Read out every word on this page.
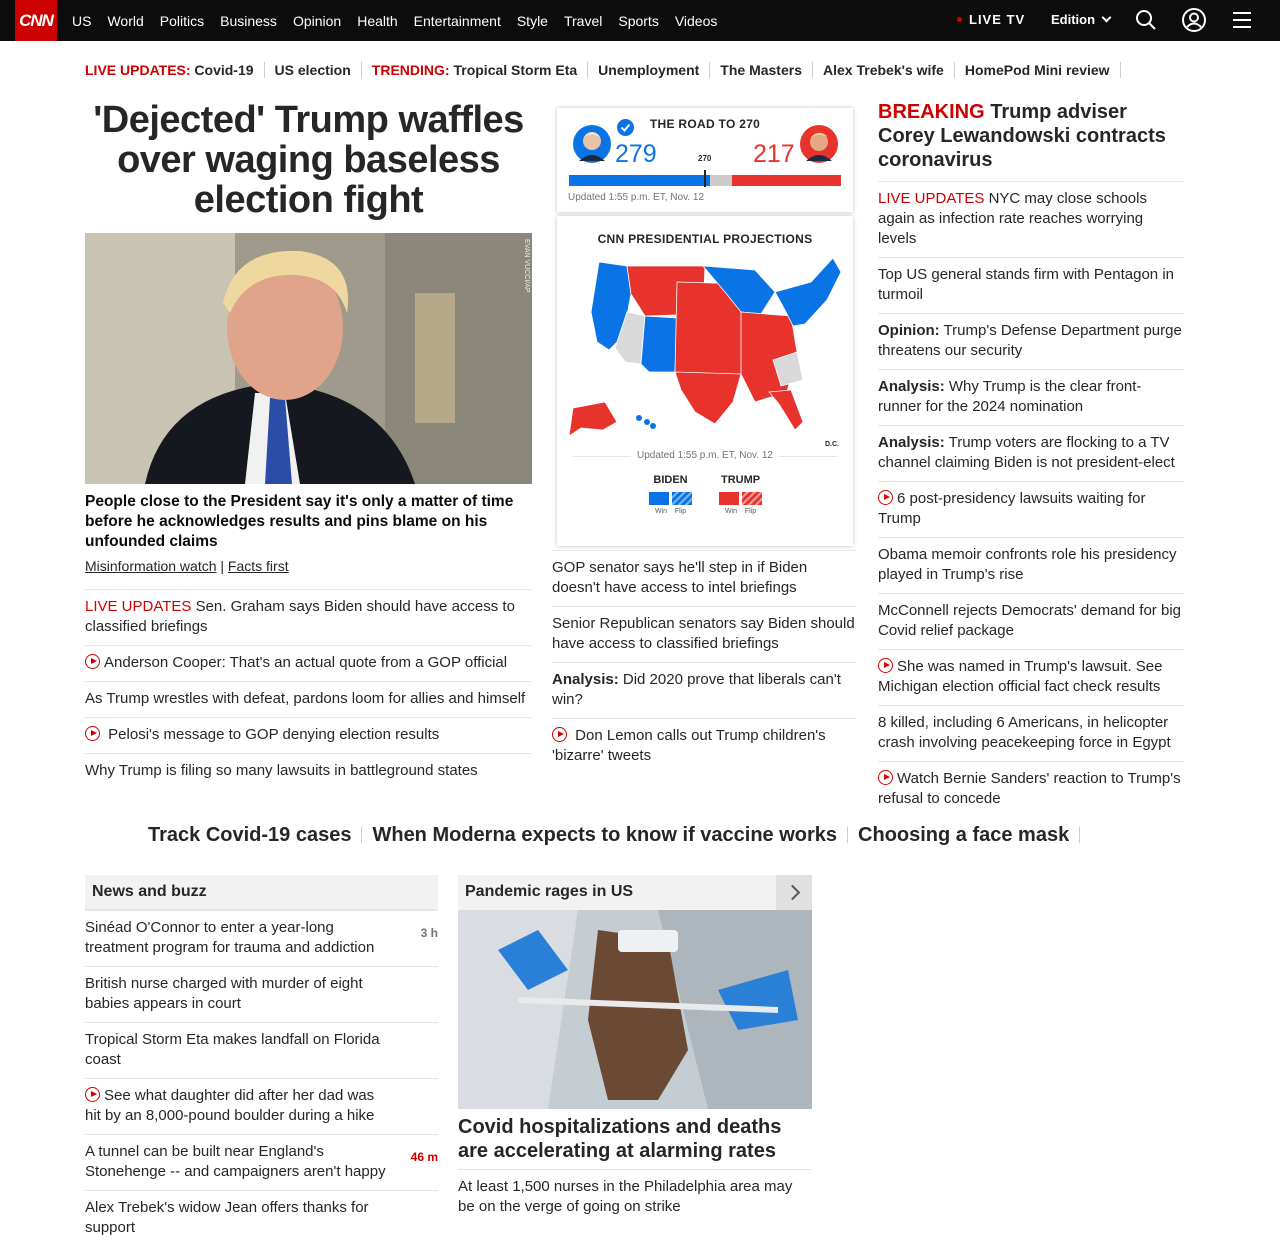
CNN US World Politics Business Opinion Health Entertainment Style Travel Sports Videos	LIVE TV Edition
LIVE UPDATES: Covid-19	US election	TRENDING: Tropical Storm Eta	Unemployment	The Masters	Alex Trebek's wife	HomePod Mini review
'Dejected' Trump waffles over waging baseless election fight
EVAN VUCCI/AP
People close to the President say it's only a matter of time before he acknowledges results and pins blame on his unfounded claims
Misinformation watch | Facts first
LIVE UPDATES Sen. Graham says Biden should have access to classified briefings
Anderson Cooper: That's an actual quote from a GOP official
As Trump wrestles with defeat, pardons loom for allies and himself
Pelosi's message to GOP denying election results
Why Trump is filing so many lawsuits in battleground states
THE ROAD TO 270
279	270 217
Updated 1:55 p.m. ET, Nov. 12
CNN PRESIDENTIAL PROJECTIONS
D.C.
Updated 1:55 p.m. ET, Nov. 12
BIDEN

Win Flip
TRUMP

Win Flip
GOP senator says he'll step in if Biden doesn't have access to intel briefings
Senior Republican senators say Biden should have access to classified briefings
Analysis: Did 2020 prove that liberals can't win?
Don Lemon calls out Trump children's 'bizarre' tweets
BREAKING Trump adviser Corey Lewandowski contracts coronavirus
LIVE UPDATES NYC may close schools again as infection rate reaches worrying levels
Top US general stands firm with Pentagon in turmoil
Opinion: Trump's Defense Department purge threatens our security
Analysis: Why Trump is the clear front-runner for the 2024 nomination
Analysis: Trump voters are flocking to a TV channel claiming Biden is not president-elect
6 post-presidency lawsuits waiting for Trump
Obama memoir confronts role his presidency played in Trump's rise
McConnell rejects Democrats' demand for big Covid relief package
She was named in Trump's lawsuit. See Michigan election official fact check results
8 killed, including 6 Americans, in helicopter crash involving peacekeeping force in Egypt
Watch Bernie Sanders' reaction to Trump's refusal to concede
Track Covid-19 cases	When Moderna expects to know if vaccine works	Choosing a face mask
News and buzz
Sinéad O'Connor to enter a year-long treatment program for trauma and addiction
3 h
British nurse charged with murder of eight babies appears in court
Tropical Storm Eta makes landfall on Florida coast
See what daughter did after her dad was hit by an 8,000-pound boulder during a hike
A tunnel can be built near England's Stonehenge -- and campaigners aren't happy
46 m
Alex Trebek's widow Jean offers thanks for support
Pandemic rages in US
Covid hospitalizations and deaths are accelerating at alarming rates
At least 1,500 nurses in the Philadelphia area may be on the verge of going on strike
